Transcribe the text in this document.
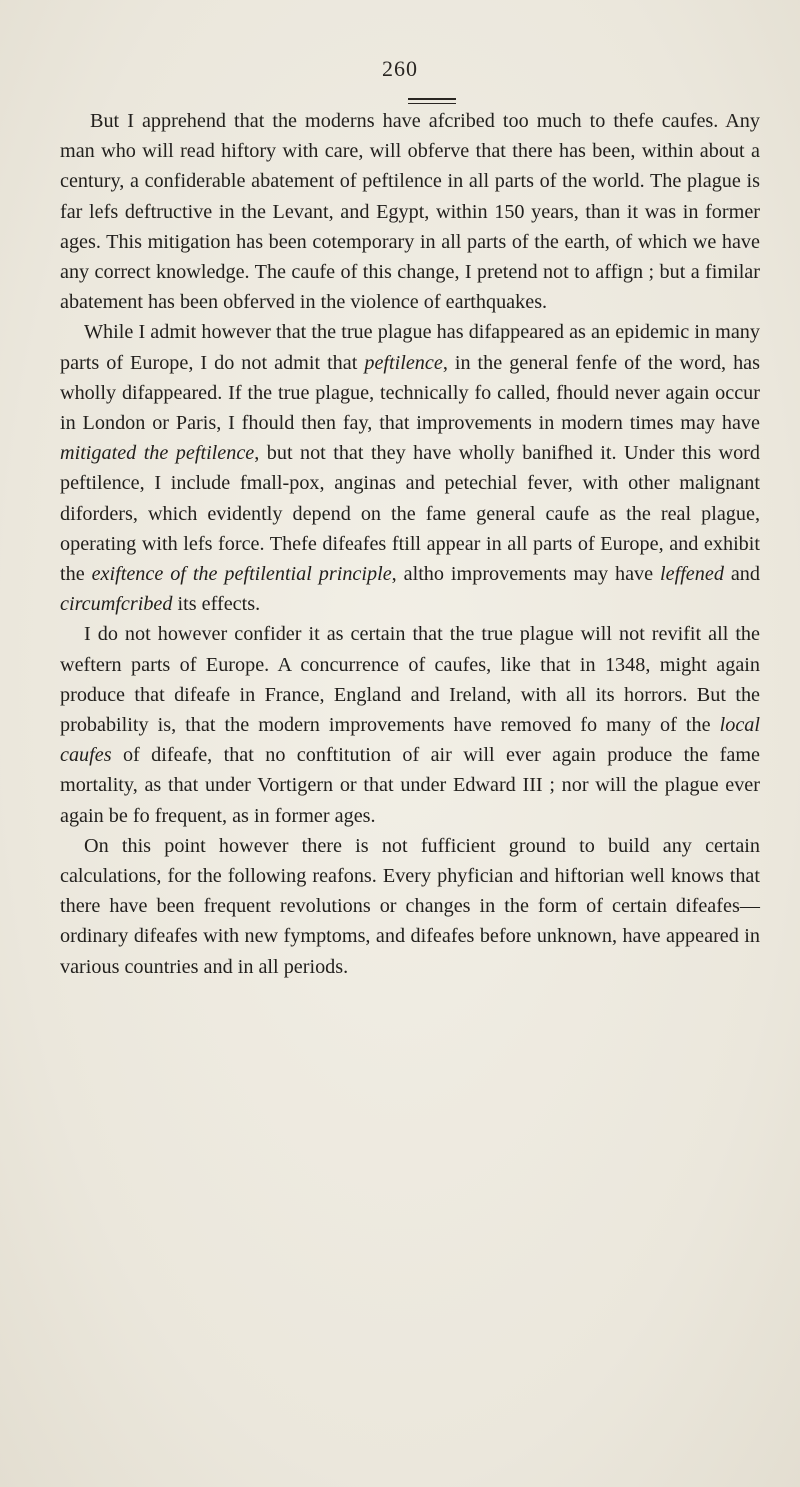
260

But I apprehend that the moderns have afcribed too much to thefe caufes. Any man who will read hiftory with care, will obferve that there has been, within about a century, a confiderable abatement of peftilence in all parts of the world. The plague is far lefs deftructive in the Levant, and Egypt, within 150 years, than it was in former ages. This mitigation has been cotemporary in all parts of the earth, of which we have any correct knowledge. The caufe of this change, I pretend not to affign ; but a fimilar abatement has been obferved in the violence of earthquakes.

While I admit however that the true plague has difappeared as an epidemic in many parts of Europe, I do not admit that peftilence, in the general fenfe of the word, has wholly difappeared. If the true plague, technically fo called, fhould never again occur in London or Paris, I fhould then fay, that improvements in modern times may have mitigated the peftilence, but not that they have wholly banifhed it. Under this word peftilence, I include fmall-pox, anginas and petechial fever, with other malignant diforders, which evidently depend on the fame general caufe as the real plague, operating with lefs force. Thefe difeafes ftill appear in all parts of Europe, and exhibit the exiftence of the peftilential principle, altho improvements may have leffened and circumfcribed its effects.

I do not however confider it as certain that the true plague will not revifit all the weftern parts of Europe. A concurrence of caufes, like that in 1348, might again produce that difeafe in France, England and Ireland, with all its horrors. But the probability is, that the modern improvements have removed fo many of the local caufes of difeafe, that no conftitution of air will ever again produce the fame mortality, as that under Vortigern or that under Edward III ; nor will the plague ever again be fo frequent, as in former ages.

On this point however there is not fufficient ground to build any certain calculations, for the following reafons. Every phyfician and hiftorian well knows that there have been frequent revolutions or changes in the form of certain difeafes—ordinary difeafes with new fymptoms, and difeafes before unknown, have appeared in various countries and in all periods.
